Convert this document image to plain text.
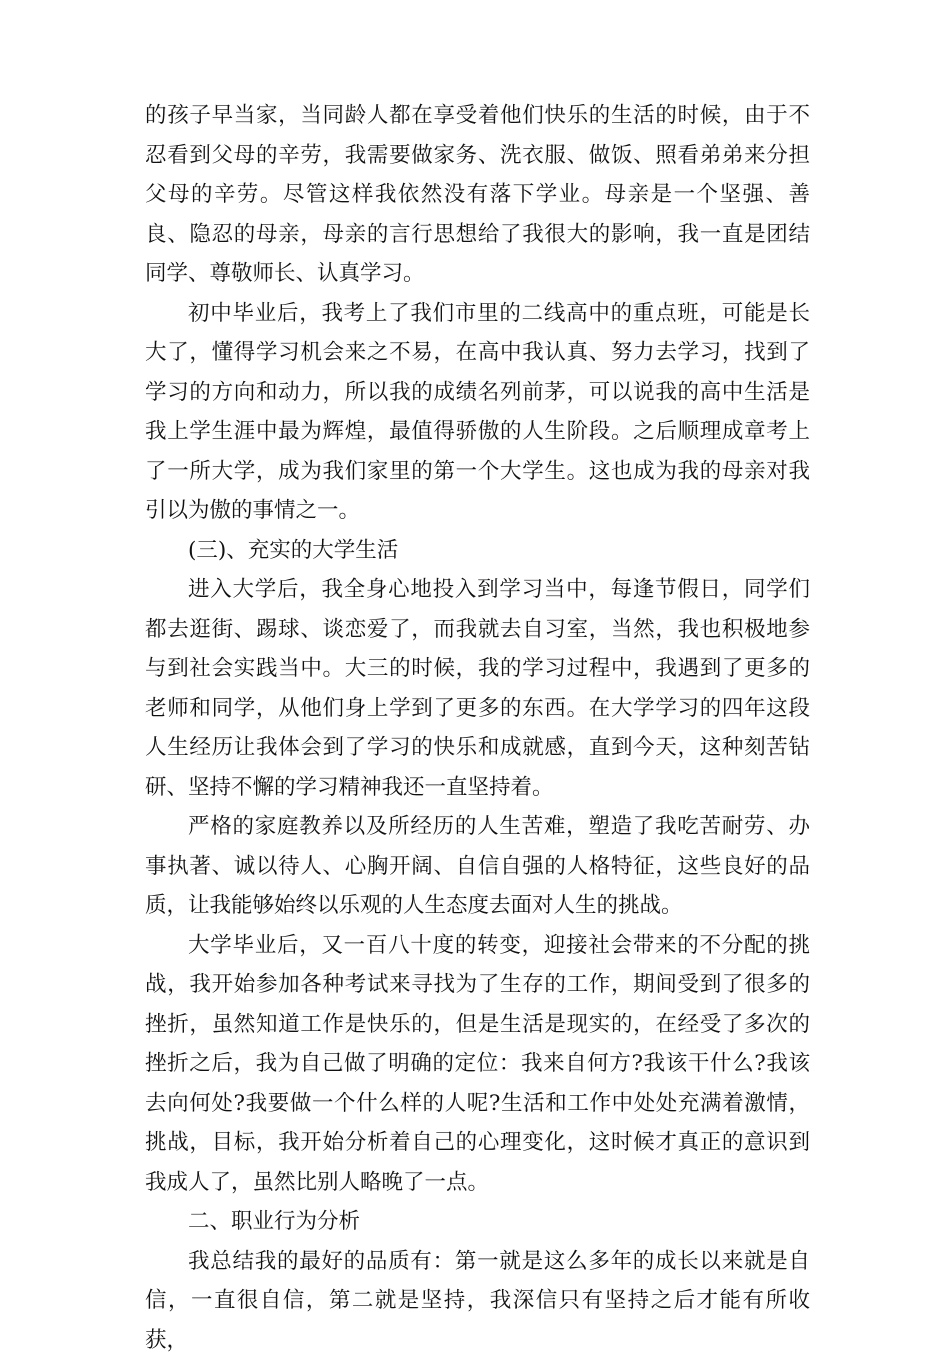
的孩子早当家，当同龄人都在享受着他们快乐的生活的时候，由于不忍看到父母的辛劳，我需要做家务、洗衣服、做饭、照看弟弟来分担父母的辛劳。尽管这样我依然没有落下学业。母亲是一个坚强、善良、隐忍的母亲，母亲的言行思想给了我很大的影响，我一直是团结同学、尊敬师长、认真学习。

初中毕业后，我考上了我们市里的二线高中的重点班，可能是长大了，懂得学习机会来之不易，在高中我认真、努力去学习，找到了学习的方向和动力，所以我的成绩名列前茅，可以说我的高中生活是我上学生涯中最为辉煌，最值得骄傲的人生阶段。之后顺理成章考上了一所大学，成为我们家里的第一个大学生。这也成为我的母亲对我引以为傲的事情之一。

(三)、充实的大学生活

进入大学后，我全身心地投入到学习当中，每逢节假日，同学们都去逛街、踢球、谈恋爱了，而我就去自习室，当然，我也积极地参与到社会实践当中。大三的时候，我的学习过程中，我遇到了更多的老师和同学，从他们身上学到了更多的东西。在大学学习的四年这段人生经历让我体会到了学习的快乐和成就感，直到今天，这种刻苦钻研、坚持不懈的学习精神我还一直坚持着。

严格的家庭教养以及所经历的人生苦难，塑造了我吃苦耐劳、办事执著、诚以待人、心胸开阔、自信自强的人格特征，这些良好的品质，让我能够始终以乐观的人生态度去面对人生的挑战。

大学毕业后，又一百八十度的转变，迎接社会带来的不分配的挑战，我开始参加各种考试来寻找为了生存的工作，期间受到了很多的挫折，虽然知道工作是快乐的，但是生活是现实的，在经受了多次的挫折之后，我为自己做了明确的定位：我来自何方?我该干什么?我该去向何处?我要做一个什么样的人呢?生活和工作中处处充满着激情，挑战，目标，我开始分析着自己的心理变化，这时候才真正的意识到我成人了，虽然比别人略晚了一点。

二、职业行为分析

我总结我的最好的品质有：第一就是这么多年的成长以来就是自信，一直很自信，第二就是坚持，我深信只有坚持之后才能有所收获，
